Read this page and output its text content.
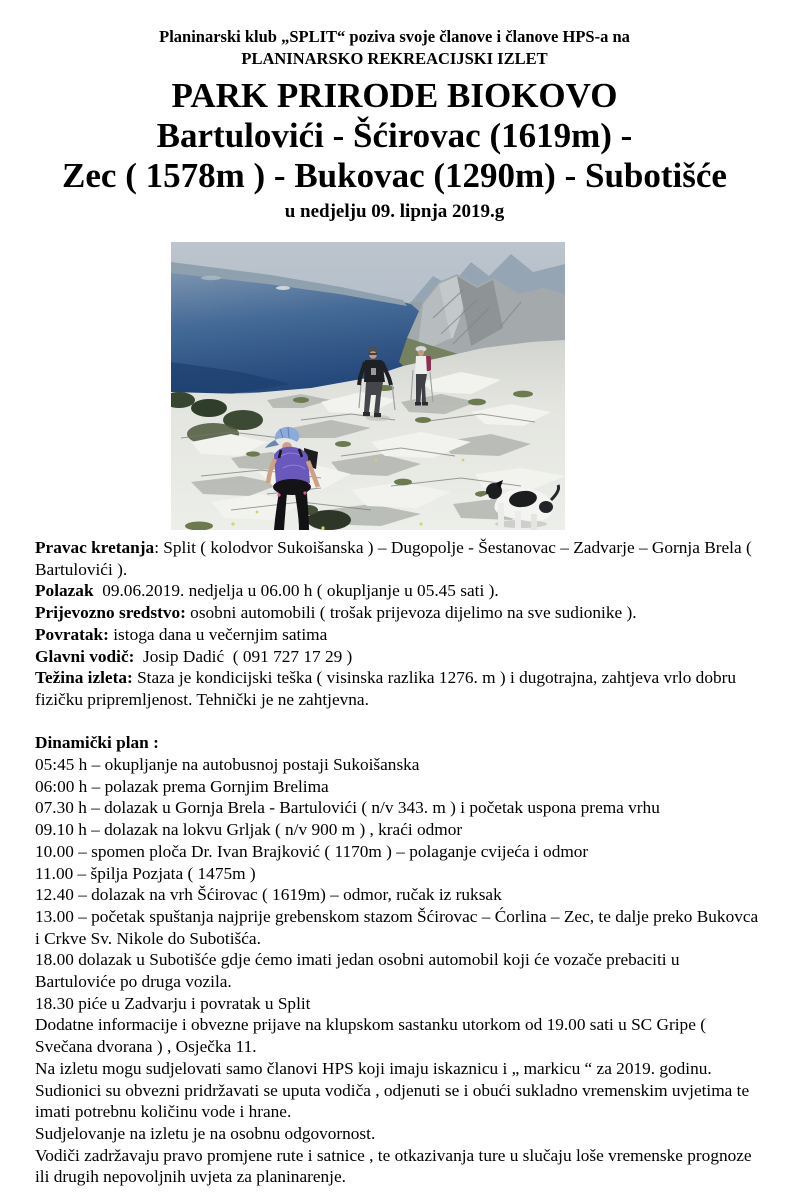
Planinarski klub „SPLIT“ poziva svoje članove i članove HPS-a na

PLANINARSKO REKREACIJSKI IZLET

PARK PRIRODE BIOKOVO

Bartulovići - Šćirovac (1619m) -

Zec ( 1578m ) - Bukovac (1290m) - Subotišće

u nedjelju 09. lipnja 2019.g

Pravac kretanja: Split ( kolodvor Sukoišanska ) – Dugopolje - Šestanovac – Zadvarje – Gornja Brela ( Bartulovići ).

Polazak  09.06.2019. nedjelja u 06.00 h ( okupljanje u 05.45 sati ).

Prijevozno sredstvo: osobni automobili ( trošak prijevoza dijelimo na sve sudionike ).

Povratak: istoga dana u večernjim satima

Glavni vodič:  Josip Dadić  ( 091 727 17 29 )

Težina izleta: Staza je kondicijski teška ( visinska razlika 1276. m ) i dugotrajna, zahtjeva vrlo dobru fizičku pripremljenost. Tehnički je ne zahtjevna.

Dinamički plan :

05:45 h – okupljanje na autobusnoj postaji Sukoišanska

06:00 h – polazak prema Gornjim Brelima

07.30 h – dolazak u Gornja Brela - Bartulovići ( n/v 343. m ) i početak uspona prema vrhu

09.10 h – dolazak na lokvu Grljak ( n/v 900 m ) , kraći odmor

10.00 – spomen ploča Dr. Ivan Brajković ( 1170m ) – polaganje cvijeća i odmor

11.00 – špilja Pozjata ( 1475m )

12.40 – dolazak na vrh Šćirovac ( 1619m) – odmor, ručak iz ruksak

13.00 – početak spuštanja najprije grebenskom stazom Šćirovac – Ćorlina – Zec, te dalje preko Bukovca i Crkve Sv. Nikole do Subotišća.

18.00 dolazak u Subotišće gdje ćemo imati jedan osobni automobil koji će vozače prebaciti u Bartuloviće po druga vozila.

18.30 piće u Zadvarju i povratak u Split

Dodatne informacije i obvezne prijave na klupskom sastanku utorkom od 19.00 sati u SC Gripe ( Svečana dvorana ) , Osječka 11.

Na izletu mogu sudjelovati samo članovi HPS koji imaju iskaznicu i „ markicu “ za 2019. godinu.

Sudionici su obvezni pridržavati se uputa vodiča , odjenuti se i obući sukladno vremenskim uvjetima te imati potrebnu količinu vode i hrane.

Sudjelovanje na izletu je na osobnu odgovornost.

Vodiči zadržavaju pravo promjene rute i satnice , te otkazivanja ture u slučaju loše vremenske prognoze ili drugih nepovoljnih uvjeta za planinarenje.
